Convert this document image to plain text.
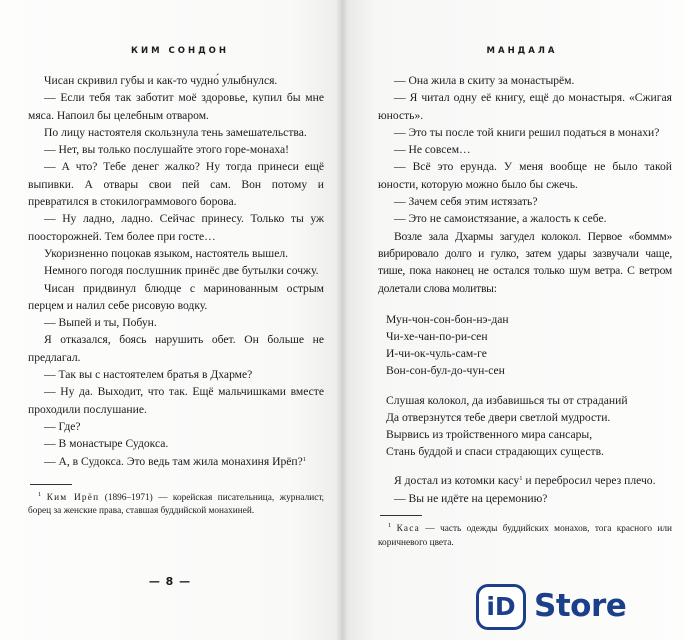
КИМ СОНДОН

Чисан скривил губы и как-то чудно́ улыбнулся.

— Если тебя так заботит моё здоровье, купил бы мне мяса. Напоил бы целебным отваром.

По лицу настоятеля скользнула тень замешательства.

— Нет, вы только послушайте этого горе-монаха!

— А что? Тебе денег жалко? Ну тогда принеси ещё выпивки. А отвары свои пей сам. Вон потому и превратился в стокилограммового борова.

— Ну ладно, ладно. Сейчас принесу. Только ты уж поосторожней. Тем более при госте…

Укоризненно поцокав языком, настоятель вышел.

Немного погодя послушник принёс две бутылки сочжу.

Чисан придвинул блюдце с маринованным острым перцем и налил себе рисовую водку.

— Выпей и ты, Побун.

Я отказался, боясь нарушить обет. Он больше не предлагал.

— Так вы с настоятелем братья в Дхарме?

— Ну да. Выходит, что так. Ещё мальчишками вместе проходили послушание.

— Где?

— В монастыре Судокса.

— А, в Судокса. Это ведь там жила монахиня Ирёп?$^1$

$^1$ Ким Ирёп (1896–1971) — корейская писательница, журналист, борец за женские права, ставшая буддийской монахиней.

— 8 —
МАНДАЛА

— Она жила в скиту за монастырём.

— Я читал одну её книгу, ещё до монастыря. «Сжигая юность».

— Это ты после той книги решил податься в монахи?

— Не совсем…

— Всё это ерунда. У меня вообще не было такой юности, которую можно было бы сжечь.

— Зачем себя этим истязать?

— Это не самоистязание, а жалость к себе.

Возле зала Дхармы загудел колокол. Первое «боммм» вибрировало долго и гулко, затем удары зазвучали чаще, тише, пока наконец не остался только шум ветра. С ветром долетали слова молитвы:

Мун-чон-сон-бон-нэ-дан
Чи-хе-чан-по-ри-сен
И-чи-ок-чуль-сам-ге
Вон-сон-бул-до-чун-сен
Слушая колокол, да избавишься ты от страданий
Да отверзнутся тебе двери светлой мудрости.
Вырвись из тройственного мира сансары,
Стань буддой и спаси страдающих существ.

Я достал из котомки касу$^1$ и перебросил через плечо.

— Вы не идёте на церемонию?

$^1$ Каса — часть одежды буддийских монахов, тога красного или коричневого цвета.

iD Store
